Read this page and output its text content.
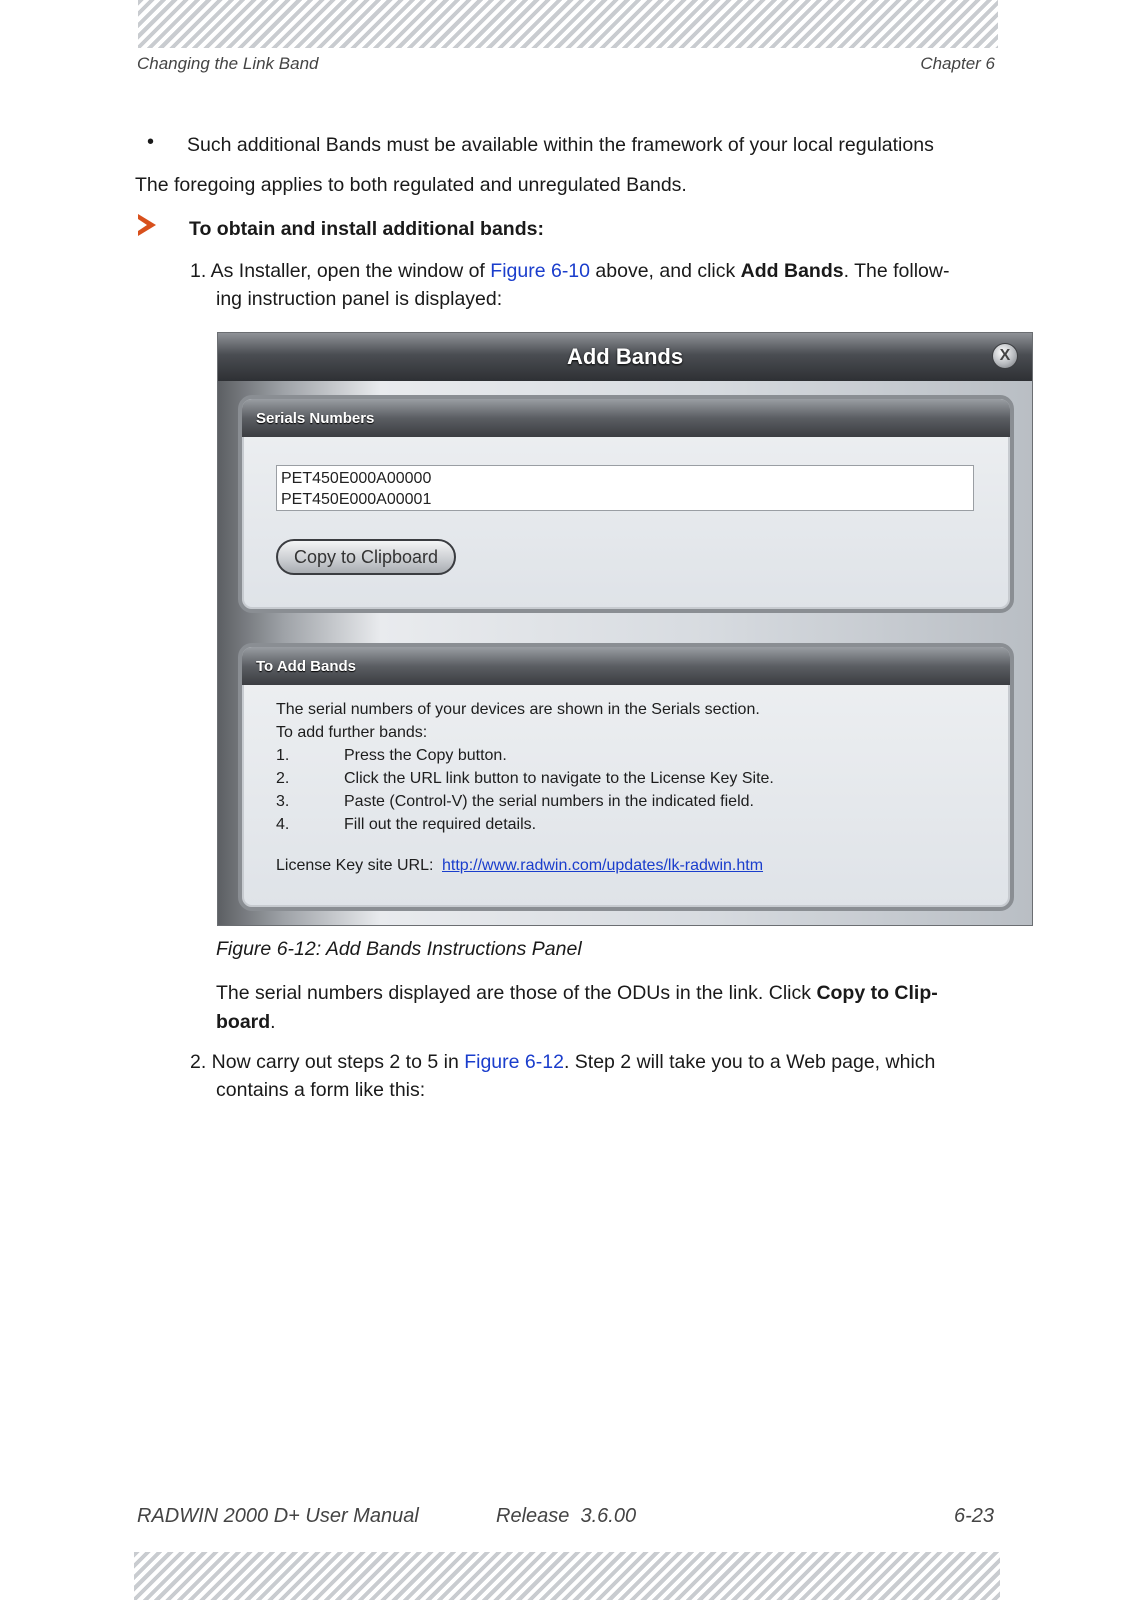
Changing the Link Band	Chapter 6
• Such additional Bands must be available within the framework of your local regulations
The foregoing applies to both regulated and unregulated Bands.
To obtain and install additional bands:
1. As Installer, open the window of Figure 6-10 above, and click Add Bands. The follow-
ing instruction panel is displayed:
Add Bands	X
Serials Numbers
PET450E000A00000
PET450E000A00001
Copy to Clipboard
To Add Bands
The serial numbers of your devices are shown in the Serials section.
To add further bands:
1.	Press the Copy button.
2.	Click the URL link button to navigate to the License Key Site.
3.	Paste (Control-V) the serial numbers in the indicated field.
4.	Fill out the required details.
License Key site URL: http://www.radwin.com/updates/lk-radwin.htm
Figure 6-12: Add Bands Instructions Panel
The serial numbers displayed are those of the ODUs in the link. Click Copy to Clip-
board.
2. Now carry out steps 2 to 5 in Figure 6-12. Step 2 will take you to a Web page, which
contains a form like this:
RADWIN 2000 D+ User Manual	Release  3.6.00	6-23
